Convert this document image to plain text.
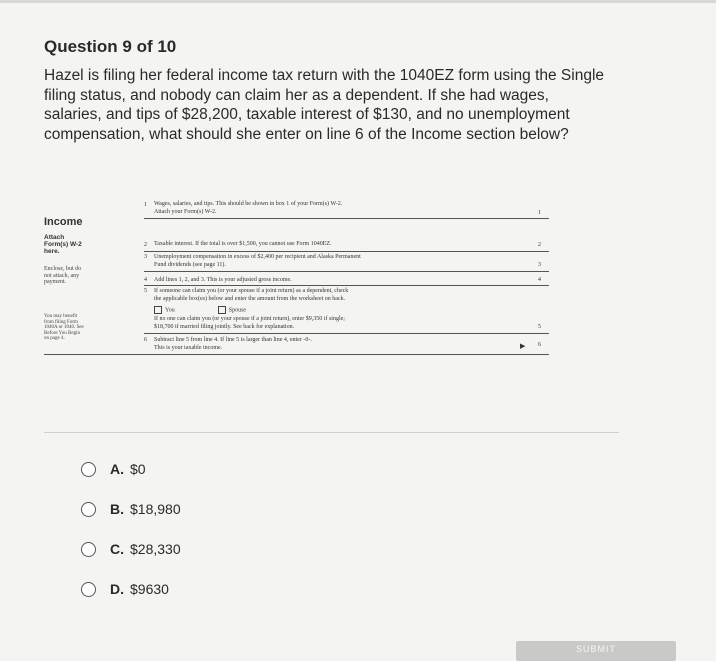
Question 9 of 10
Hazel is filing her federal income tax return with the 1040EZ form using the Single filing status, and nobody can claim her as a dependent. If she had wages, salaries, and tips of $28,200, taxable interest of $130, and no unemployment compensation, what should she enter on line 6 of the Income section below?
Income
Attach Form(s) W-2 here.
Enclose, but do not attach, any payment.
You may benefit from filing Form 1040A or 1040. See Before You Begin on page 4.
1 Wages, salaries, and tips. This should be shown in box 1 of your Form(s) W-2.
Attach your Form(s) W-2.	1
2 Taxable interest. If the total is over $1,500, you cannot use Form 1040EZ.	2
3 Unemployment compensation in excess of $2,400 per recipient and Alaska Permanent
Fund dividends (see page 11).	3
4 Add lines 1, 2, and 3. This is your adjusted gross income.	4
5 If someone can claim you (or your spouse if a joint return) as a dependent, check
the applicable box(es) below and enter the amount from the worksheet on back.
You	Spouse
If no one can claim you (or your spouse if a joint return), enter $9,350 if single;
$18,700 if married filing jointly. See back for explanation.	5
6 Subtract line 5 from line 4. If line 5 is larger than line 4, enter -0-.
This is your taxable income.	▶ 6
A. $0
B. $18,980
C. $28,330
D. $9630
SUBMIT
